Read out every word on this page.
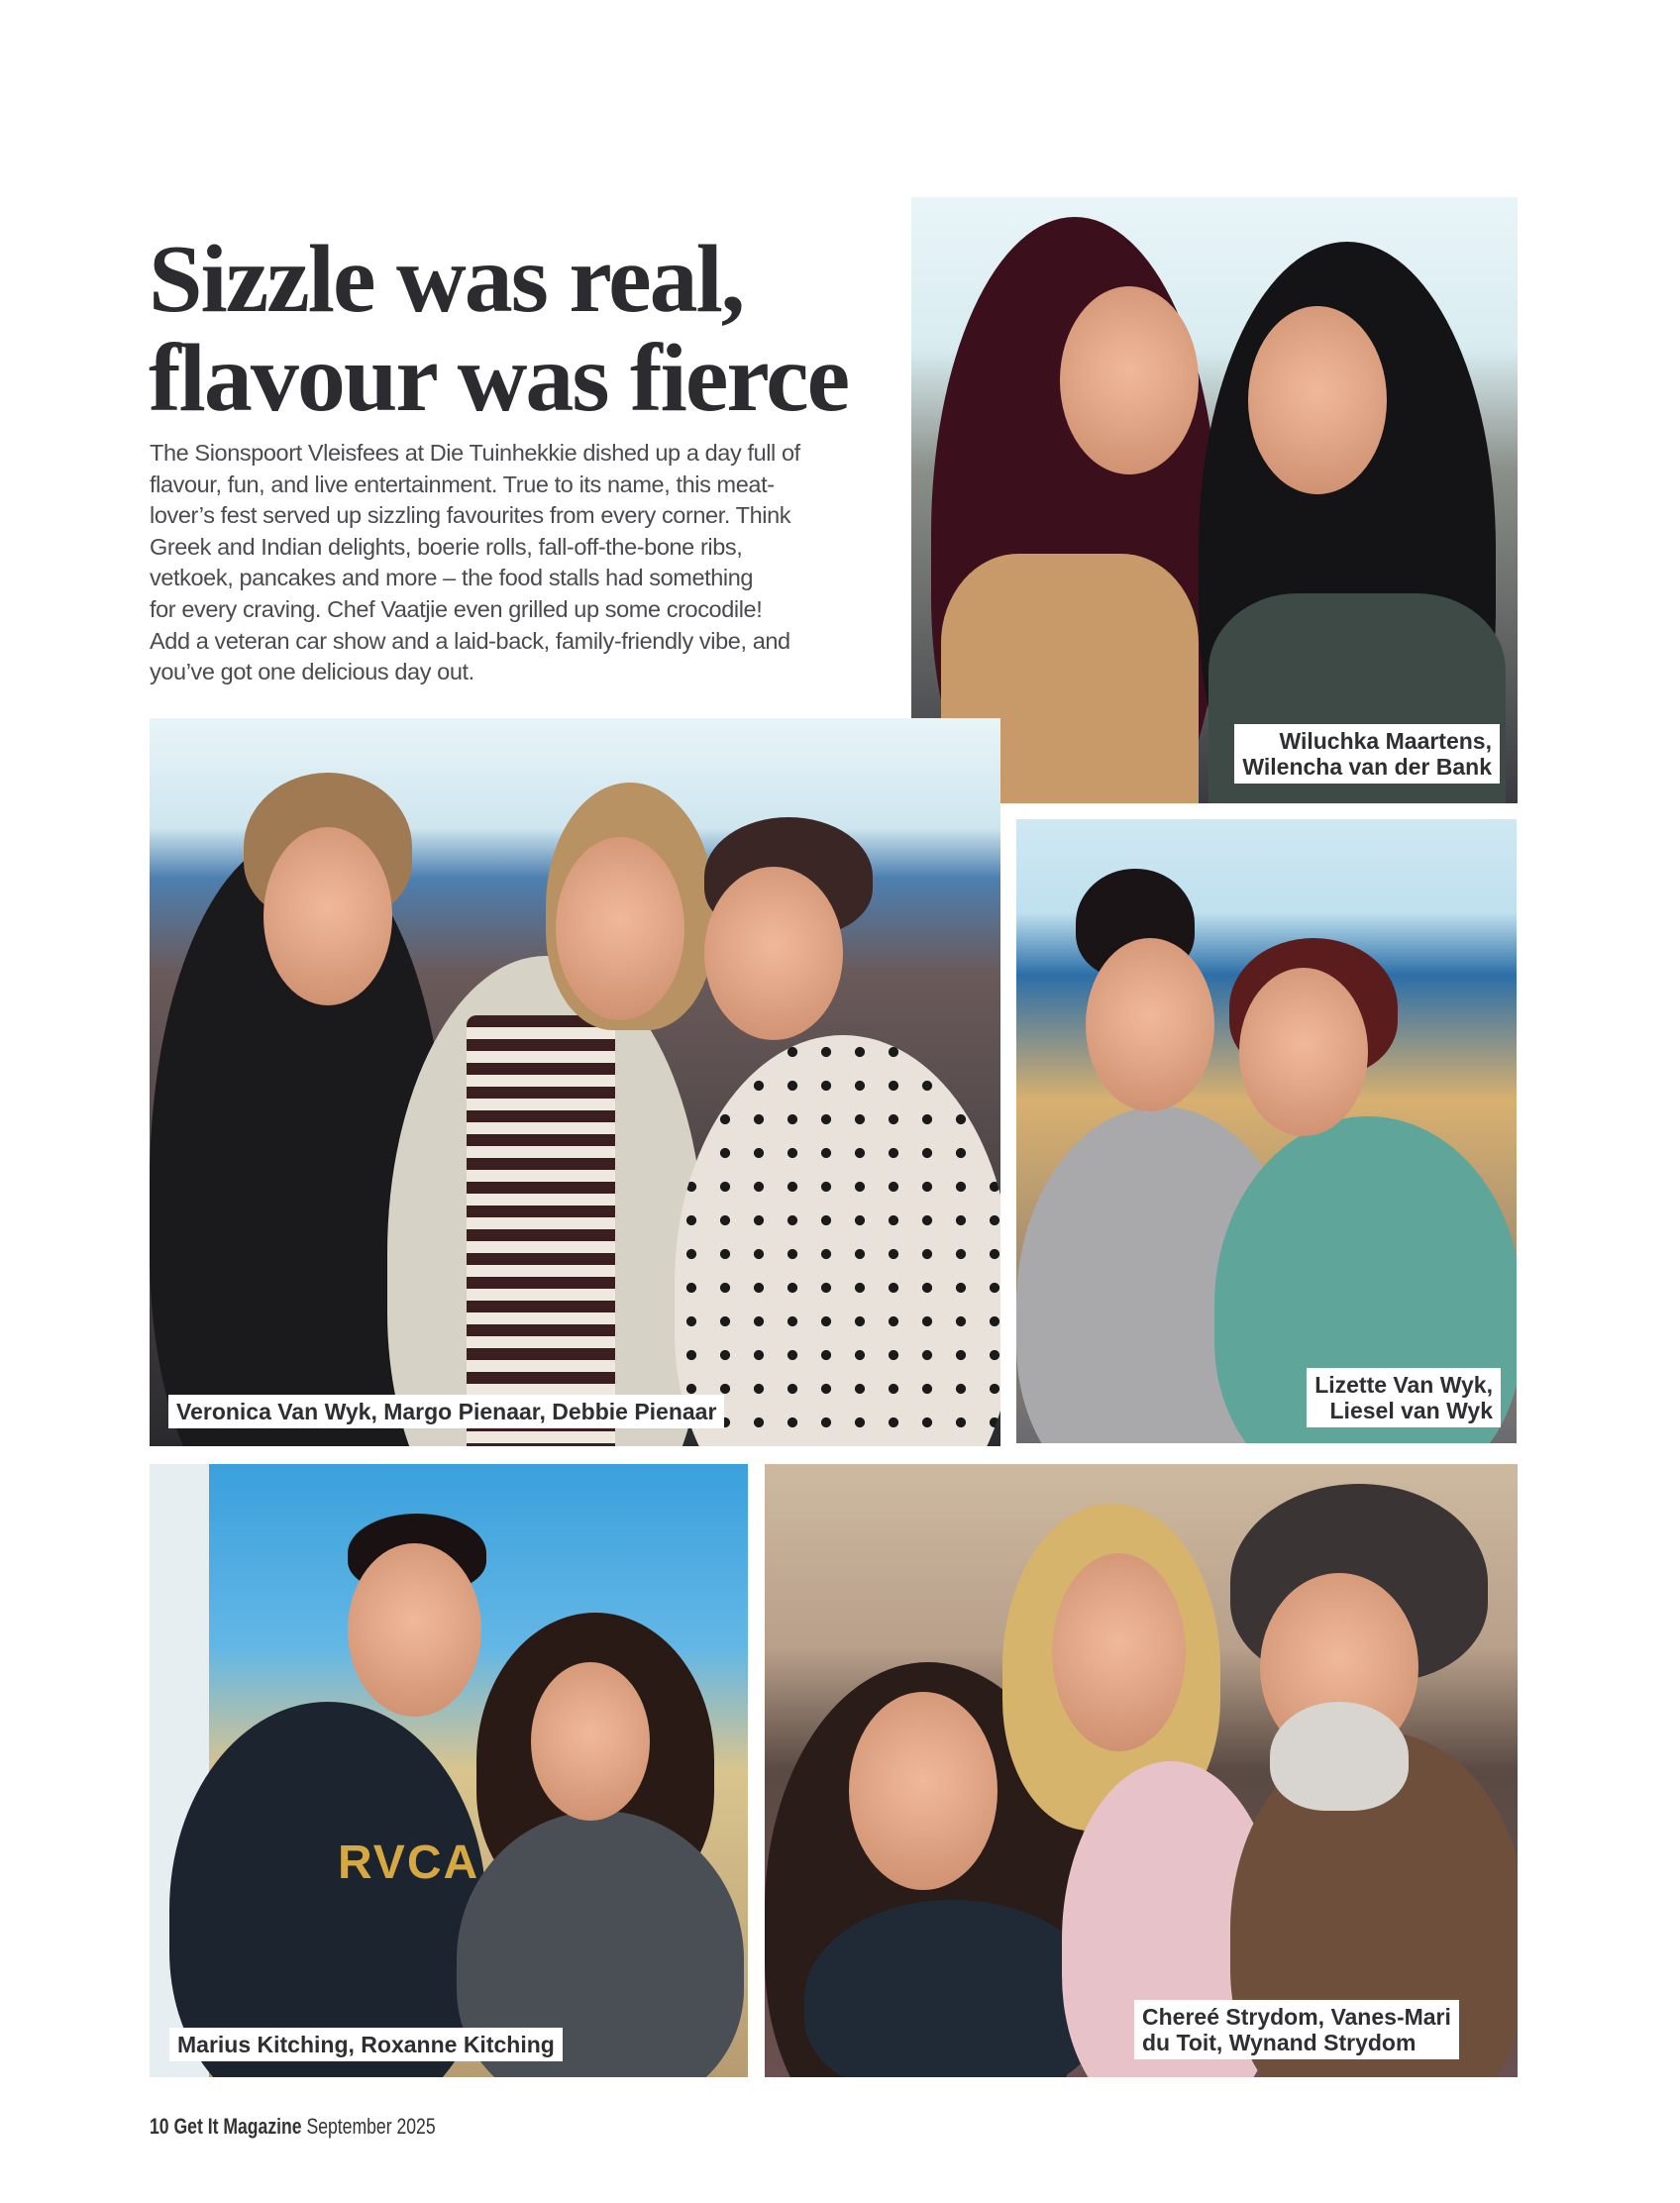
Sizzle was real,
flavour was fierce

The Sionspoort Vleisfees at Die Tuinhekkie dished up a day full of
flavour, fun, and live entertainment. True to its name, this meat-
lover’s fest served up sizzling favourites from every corner. Think
Greek and Indian delights, boerie rolls, fall-off-the-bone ribs,
vetkoek, pancakes and more – the food stalls had something
for every craving. Chef Vaatjie even grilled up some crocodile!
Add a veteran car show and a laid-back, family-friendly vibe, and
you’ve got one delicious day out.

Wiluchka Maartens,
Wilencha van der Bank
Veronica Van Wyk, Margo Pienaar, Debbie Pienaar
Lizette Van Wyk,
Liesel van Wyk
RVCA
Marius Kitching, Roxanne Kitching
Chereé Strydom, Vanes-Mari
du Toit, Wynand Strydom
10 Get It Magazine September 2025
